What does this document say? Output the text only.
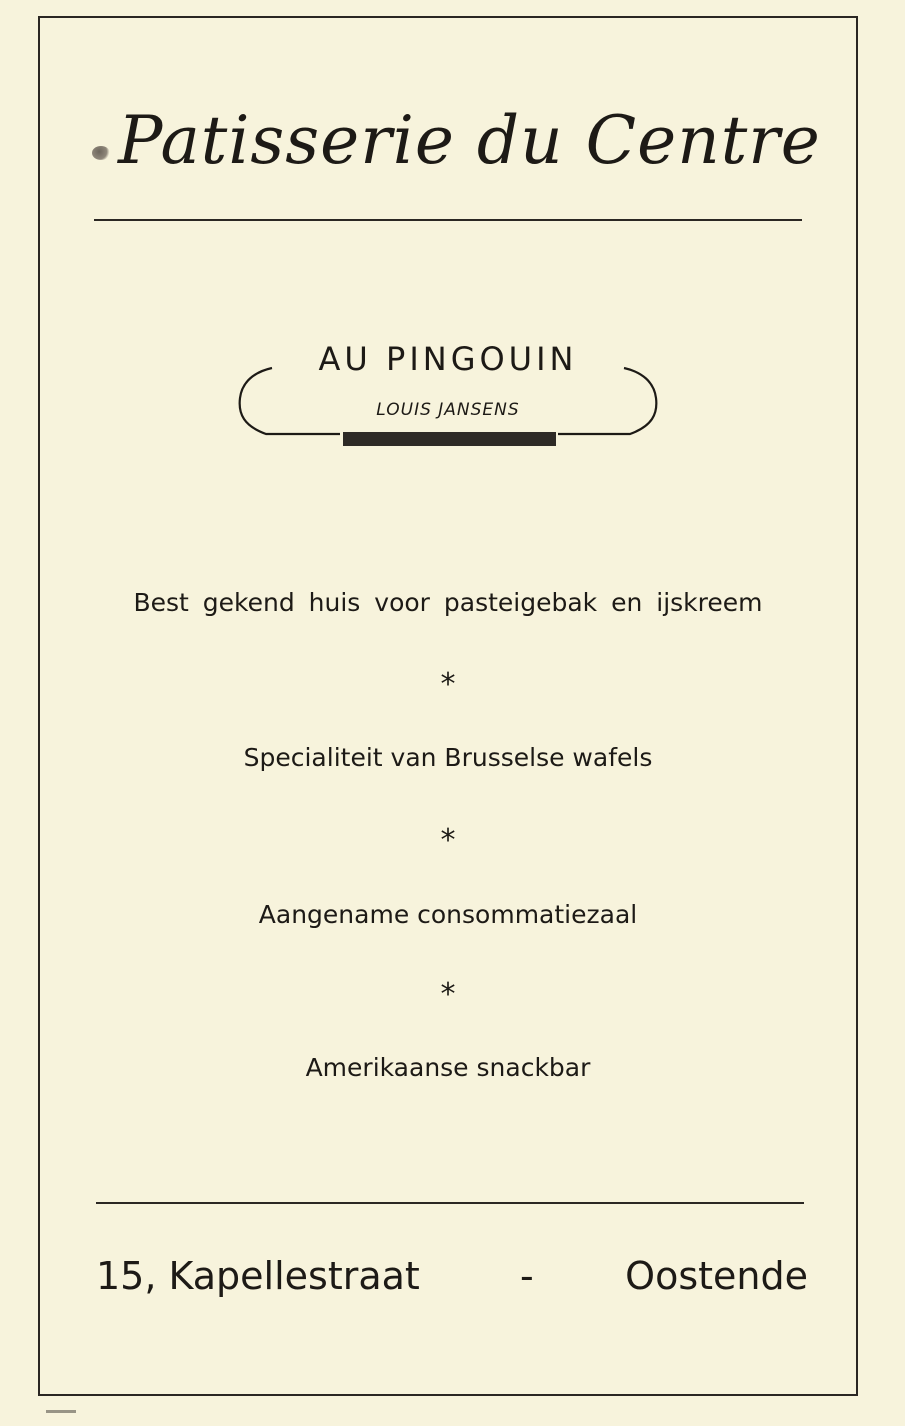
Patisserie du Centre
AU PINGOUIN
LOUIS JANSENS
Best gekend huis voor pasteigebak en ijskreem
*
Specialiteit van Brusselse wafels
*
Aangename consommatiezaal
*
Amerikaanse snackbar
15, Kapellestraat	- Oostende
